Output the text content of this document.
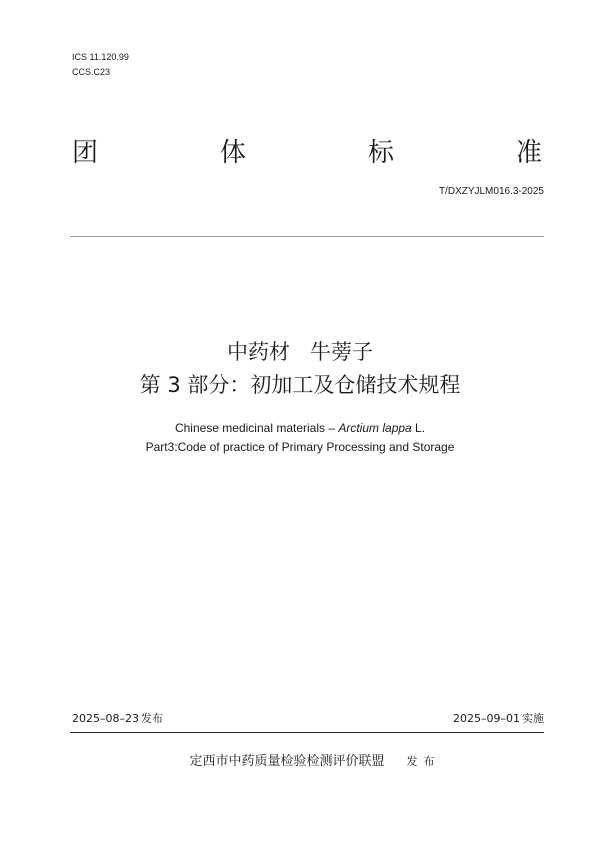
ICS 11.120.99
CCS.C23
团	体	标	准
T/DXZYJLM016.3-2025
中药材 牛蒡子
第 3 部分：初加工及仓储技术规程
Chinese medicinal materials – Arctium lappa L.
Part3:Code of practice of Primary Processing and Storage
2025–08–23 发布	2025–09–01 实施
定西市中药质量检验检测评价联盟 发布
